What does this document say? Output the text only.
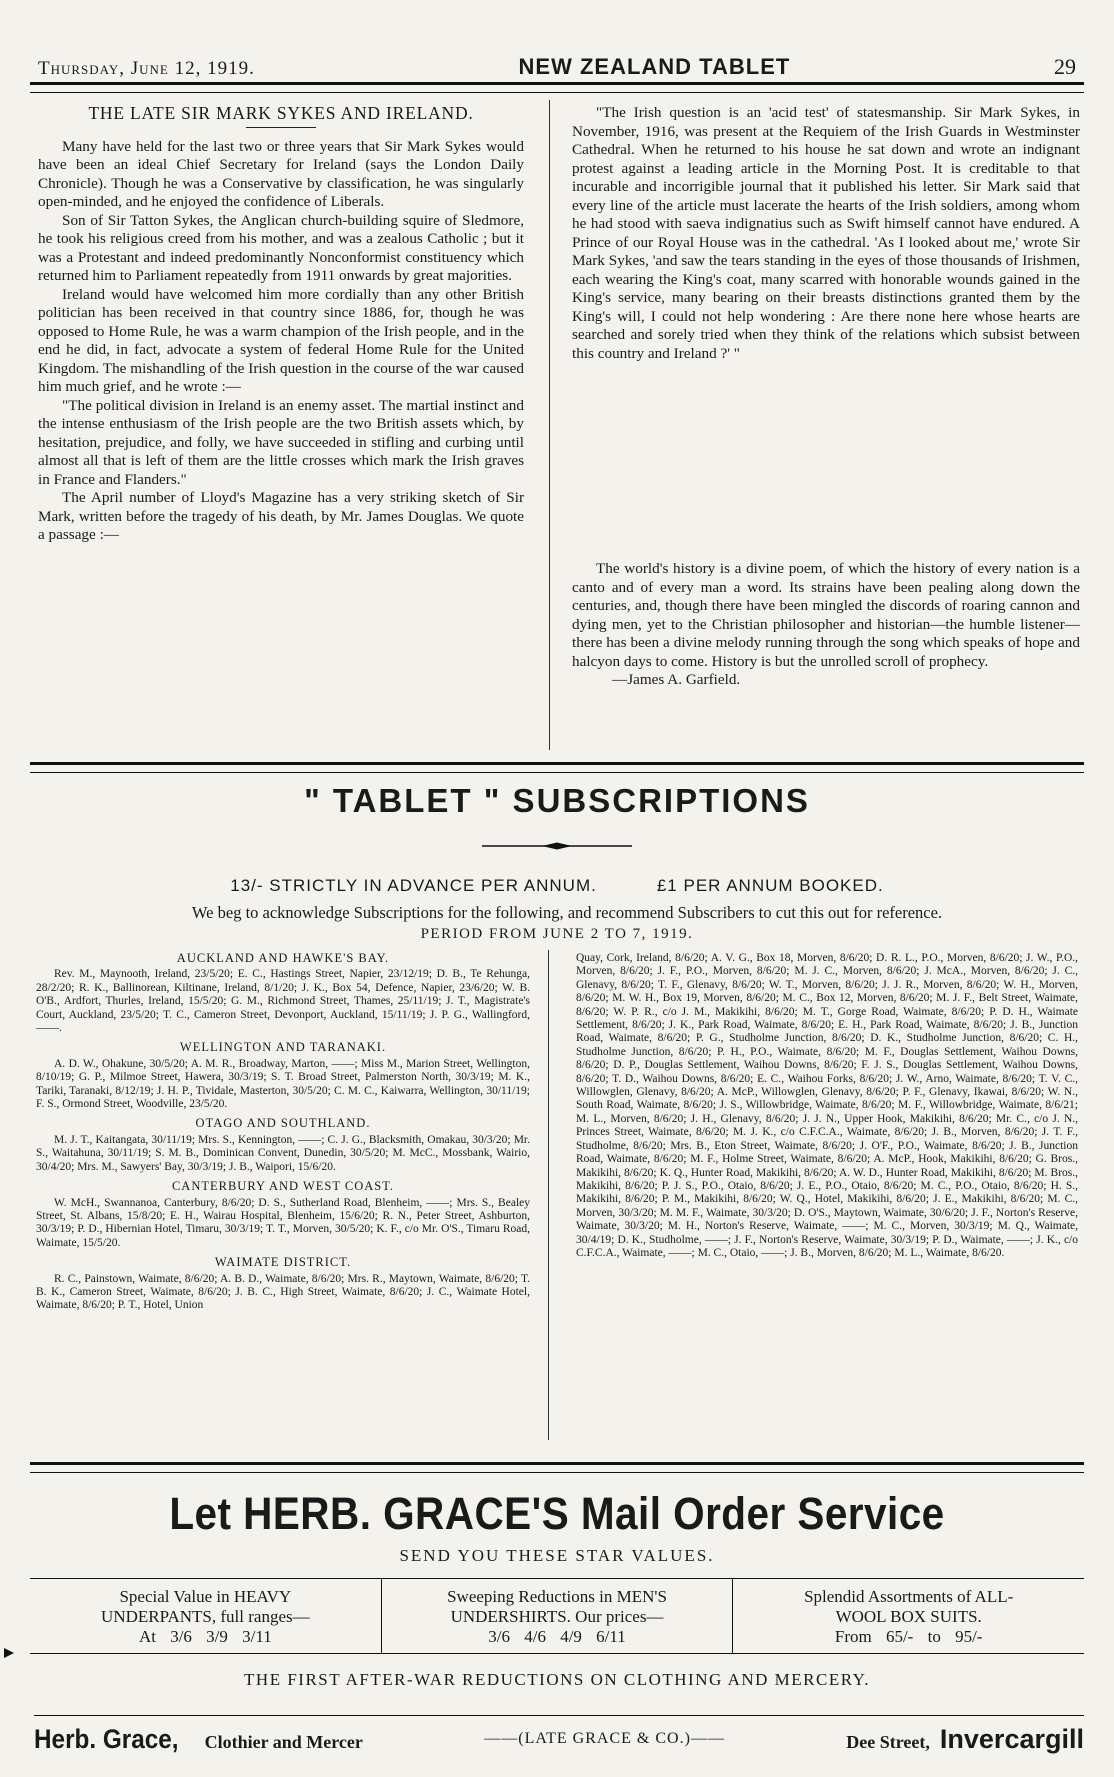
Thursday, June 12, 1919.	NEW ZEALAND TABLET	29
THE LATE SIR MARK SYKES AND IRELAND.

Many have held for the last two or three years that Sir Mark Sykes would have been an ideal Chief Secretary for Ireland (says the London Daily Chronicle). Though he was a Conservative by classification, he was singularly open-minded, and he enjoyed the confidence of Liberals.

Son of Sir Tatton Sykes, the Anglican church-building squire of Sledmore, he took his religious creed from his mother, and was a zealous Catholic ; but it was a Protestant and indeed predominantly Nonconformist constituency which returned him to Parliament repeatedly from 1911 onwards by great majorities.

Ireland would have welcomed him more cordially than any other British politician has been received in that country since 1886, for, though he was opposed to Home Rule, he was a warm champion of the Irish people, and in the end he did, in fact, advocate a system of federal Home Rule for the United Kingdom. The mishandling of the Irish question in the course of the war caused him much grief, and he wrote :—

"The political division in Ireland is an enemy asset. The martial instinct and the intense enthusiasm of the Irish people are the two British assets which, by hesitation, prejudice, and folly, we have succeeded in stifling and curbing until almost all that is left of them are the little crosses which mark the Irish graves in France and Flanders."

The April number of Lloyd's Magazine has a very striking sketch of Sir Mark, written before the tragedy of his death, by Mr. James Douglas. We quote a passage :—

"The Irish question is an 'acid test' of statesmanship. Sir Mark Sykes, in November, 1916, was present at the Requiem of the Irish Guards in Westminster Cathedral. When he returned to his house he sat down and wrote an indignant protest against a leading article in the Morning Post. It is creditable to that incurable and incorrigible journal that it published his letter. Sir Mark said that every line of the article must lacerate the hearts of the Irish soldiers, among whom he had stood with saeva indignatius such as Swift himself cannot have endured. A Prince of our Royal House was in the cathedral. 'As I looked about me,' wrote Sir Mark Sykes, 'and saw the tears standing in the eyes of those thousands of Irishmen, each wearing the King's coat, many scarred with honorable wounds gained in the King's service, many bearing on their breasts distinctions granted them by the King's will, I could not help wondering : Are there none here whose hearts are searched and sorely tried when they think of the relations which subsist between this country and Ireland ?' "

The world's history is a divine poem, of which the history of every nation is a canto and of every man a word. Its strains have been pealing along down the centuries, and, though there have been mingled the discords of roaring cannon and dying men, yet to the Christian philosopher and historian—the humble listener—there has been a divine melody running through the song which speaks of hope and halcyon days to come. History is but the unrolled scroll of prophecy.

—James A. Garfield.

" TABLET " SUBSCRIPTIONS
13/- STRICTLY IN ADVANCE PER ANNUM.	£1 PER ANNUM BOOKED.
We beg to acknowledge Subscriptions for the following, and recommend Subscribers to cut this out for reference.
PERIOD FROM JUNE 2 TO 7, 1919.
AUCKLAND AND HAWKE'S BAY.

Rev. M., Maynooth, Ireland, 23/5/20; E. C., Hastings Street, Napier, 23/12/19; D. B., Te Rehunga, 28/2/20; R. K., Ballinorean, Kiltinane, Ireland, 8/1/20; J. K., Box 54, Defence, Napier, 23/6/20; W. B. O'B., Ardfort, Thurles, Ireland, 15/5/20; G. M., Richmond Street, Thames, 25/11/19; J. T., Magistrate's Court, Auckland, 23/5/20; T. C., Cameron Street, Devonport, Auckland, 15/11/19; J. P. G., Wallingford, ——.

WELLINGTON AND TARANAKI.

A. D. W., Ohakune, 30/5/20; A. M. R., Broadway, Marton, ——; Miss M., Marion Street, Wellington, 8/10/19; G. P., Milmoe Street, Hawera, 30/3/19; S. T. Broad Street, Palmerston North, 30/3/19; M. K., Tariki, Taranaki, 8/12/19; J. H. P., Tividale, Masterton, 30/5/20; C. M. C., Kaiwarra, Wellington, 30/11/19; F. S., Ormond Street, Woodville, 23/5/20.

OTAGO AND SOUTHLAND.

M. J. T., Kaitangata, 30/11/19; Mrs. S., Kennington, ——; C. J. G., Blacksmith, Omakau, 30/3/20; Mr. S., Waitahuna, 30/11/19; S. M. B., Dominican Convent, Dunedin, 30/5/20; M. McC., Mossbank, Wairio, 30/4/20; Mrs. M., Sawyers' Bay, 30/3/19; J. B., Waipori, 15/6/20.

CANTERBURY AND WEST COAST.

W. McH., Swannanoa, Canterbury, 8/6/20; D. S., Sutherland Road, Blenheim, ——; Mrs. S., Bealey Street, St. Albans, 15/8/20; E. H., Wairau Hospital, Blenheim, 15/6/20; R. N., Peter Street, Ashburton, 30/3/19; P. D., Hibernian Hotel, Timaru, 30/3/19; T. T., Morven, 30/5/20; K. F., c/o Mr. O'S., Timaru Road, Waimate, 15/5/20.

WAIMATE DISTRICT.

R. C., Painstown, Waimate, 8/6/20; A. B. D., Waimate, 8/6/20; Mrs. R., Maytown, Waimate, 8/6/20; T. B. K., Cameron Street, Waimate, 8/6/20; J. B. C., High Street, Waimate, 8/6/20; J. C., Waimate Hotel, Waimate, 8/6/20; P. T., Hotel, Union

Quay, Cork, Ireland, 8/6/20; A. V. G., Box 18, Morven, 8/6/20; D. R. L., P.O., Morven, 8/6/20; J. W., P.O., Morven, 8/6/20; J. F., P.O., Morven, 8/6/20; M. J. C., Morven, 8/6/20; J. McA., Morven, 8/6/20; J. C., Glenavy, 8/6/20; T. F., Glenavy, 8/6/20; W. T., Morven, 8/6/20; J. J. R., Morven, 8/6/20; W. H., Morven, 8/6/20; M. W. H., Box 19, Morven, 8/6/20; M. C., Box 12, Morven, 8/6/20; M. J. F., Belt Street, Waimate, 8/6/20; W. P. R., c/o J. M., Makikihi, 8/6/20; M. T., Gorge Road, Waimate, 8/6/20; P. D. H., Waimate Settlement, 8/6/20; J. K., Park Road, Waimate, 8/6/20; E. H., Park Road, Waimate, 8/6/20; J. B., Junction Road, Waimate, 8/6/20; P. G., Studholme Junction, 8/6/20; D. K., Studholme Junction, 8/6/20; C. H., Studholme Junction, 8/6/20; P. H., P.O., Waimate, 8/6/20; M. F., Douglas Settlement, Waihou Downs, 8/6/20; D. P., Douglas Settlement, Waihou Downs, 8/6/20; F. J. S., Douglas Settlement, Waihou Downs, 8/6/20; T. D., Waihou Downs, 8/6/20; E. C., Waihou Forks, 8/6/20; J. W., Arno, Waimate, 8/6/20; T. V. C., Willowglen, Glenavy, 8/6/20; A. McP., Willowglen, Glenavy, 8/6/20; P. F., Glenavy, Ikawai, 8/6/20; W. N., South Road, Waimate, 8/6/20; J. S., Willowbridge, Waimate, 8/6/20; M. F., Willowbridge, Waimate, 8/6/21; M. L., Morven, 8/6/20; J. H., Glenavy, 8/6/20; J. J. N., Upper Hook, Makikihi, 8/6/20; Mr. C., c/o J. N., Princes Street, Waimate, 8/6/20; M. J. K., c/o C.F.C.A., Waimate, 8/6/20; J. B., Morven, 8/6/20; J. T. F., Studholme, 8/6/20; Mrs. B., Eton Street, Waimate, 8/6/20; J. O'F., P.O., Waimate, 8/6/20; J. B., Junction Road, Waimate, 8/6/20; M. F., Holme Street, Waimate, 8/6/20; A. McP., Hook, Makikihi, 8/6/20; G. Bros., Makikihi, 8/6/20; K. Q., Hunter Road, Makikihi, 8/6/20; A. W. D., Hunter Road, Makikihi, 8/6/20; M. Bros., Makikihi, 8/6/20; P. J. S., P.O., Otaio, 8/6/20; J. E., P.O., Otaio, 8/6/20; M. C., P.O., Otaio, 8/6/20; H. S., Makikihi, 8/6/20; P. M., Makikihi, 8/6/20; W. Q., Hotel, Makikihi, 8/6/20; J. E., Makikihi, 8/6/20; M. C., Morven, 30/3/20; M. M. F., Waimate, 30/3/20; D. O'S., Maytown, Waimate, 30/6/20; J. F., Norton's Reserve, Waimate, 30/3/20; M. H., Norton's Reserve, Waimate, ——; M. C., Morven, 30/3/19; M. Q., Waimate, 30/4/19; D. K., Studholme, ——; J. F., Norton's Reserve, Waimate, 30/3/19; P. D., Waimate, ——; J. K., c/o C.F.C.A., Waimate, ——; M. C., Otaio, ——; J. B., Morven, 8/6/20; M. L., Waimate, 8/6/20.

Let HERB. GRACE'S Mail Order Service
SEND YOU THESE STAR VALUES.
Special Value in HEAVY
UNDERPANTS, full ranges—
At 3/6 3/9 3/11
Sweeping Reductions in MEN'S
UNDERSHIRTS. Our prices—
3/6 4/6 4/9 6/11
Splendid Assortments of ALL-
WOOL BOX SUITS.
From 65/- to 95/-
THE FIRST AFTER-WAR REDUCTIONS ON CLOTHING AND MERCERY.
Herb. Grace, Clothier and Mercer	——(LATE GRACE & CO.)——	Dee Street, Invercargill
